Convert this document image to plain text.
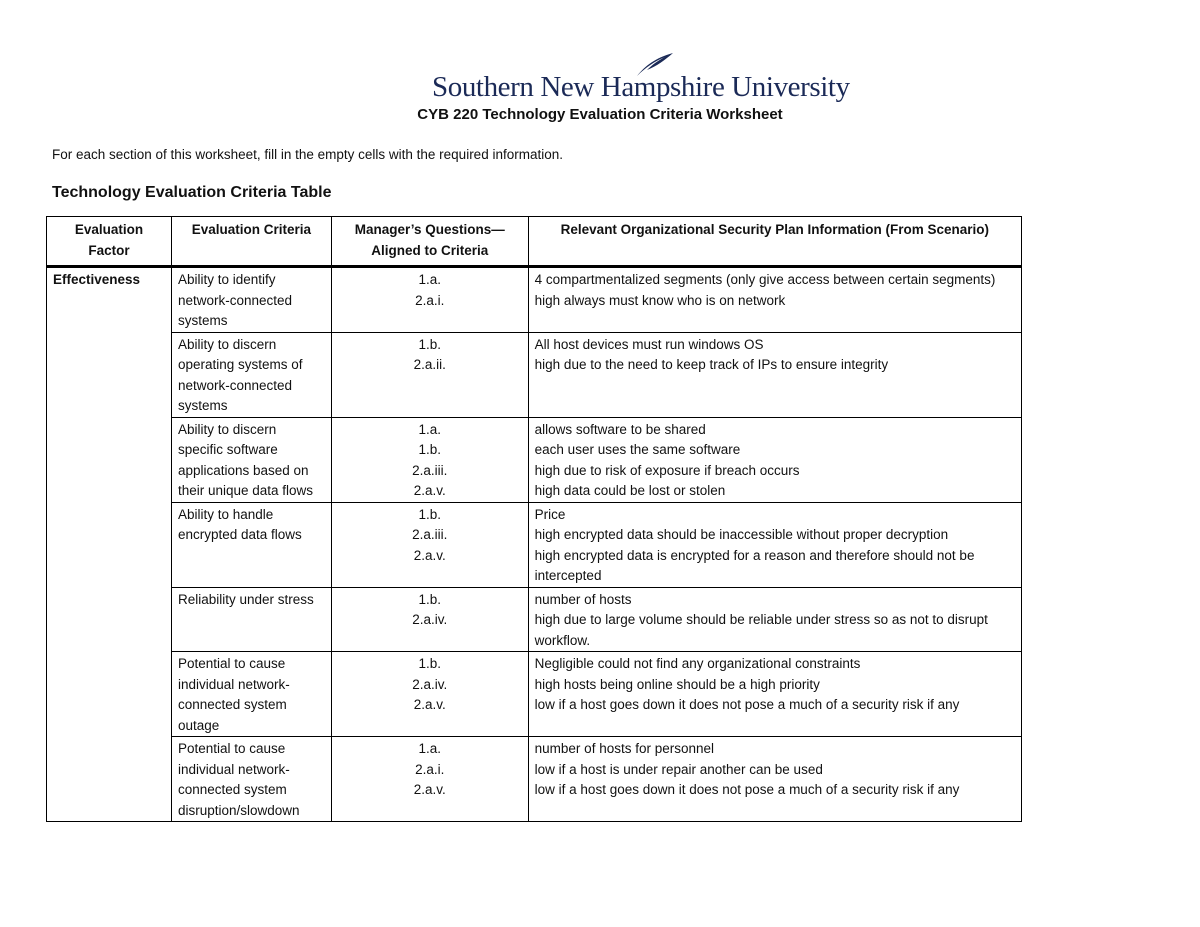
Southern New Hampshire University
CYB 220 Technology Evaluation Criteria Worksheet

For each section of this worksheet, fill in the empty cells with the required information.

Technology Evaluation Criteria Table
Evaluation Factor	Evaluation Criteria	Manager’s Questions—Aligned to Criteria	Relevant Organizational Security Plan Information (From Scenario)
Effectiveness	Ability to identify network-connected systems	1.a.
2.a.i.	4 compartmentalized segments (only give access between certain segments)
high always must know who is on network

	Ability to discern operating systems of network-connected systems	1.b.
2.a.ii.	All host devices must run windows OS
high due to the need to keep track of IPs to ensure integrity

	Ability to discern specific software applications based on their unique data flows	1.a.
1.b.
2.a.iii.
2.a.v.	allows software to be shared
each user uses the same software
high due to risk of exposure if breach occurs
high data could be lost or stolen

	Ability to handle encrypted data flows	1.b.
2.a.iii.
2.a.v.	Price
high encrypted data should be inaccessible without proper decryption
high encrypted data is encrypted for a reason and therefore should not be intercepted

	Reliability under stress	1.b.
2.a.iv.	number of hosts
high due to large volume should be reliable under stress so as not to disrupt workflow.

	Potential to cause individual network-connected system outage	1.b.
2.a.iv.
2.a.v.	Negligible could not find any organizational constraints
high hosts being online should be a high priority
low if a host goes down it does not pose a much of a security risk if any

	Potential to cause individual network-connected system disruption/slowdown	1.a.
2.a.i.
2.a.v.	number of hosts for personnel
low if a host is under repair another can be used
low if a host goes down it does not pose a much of a security risk if any
